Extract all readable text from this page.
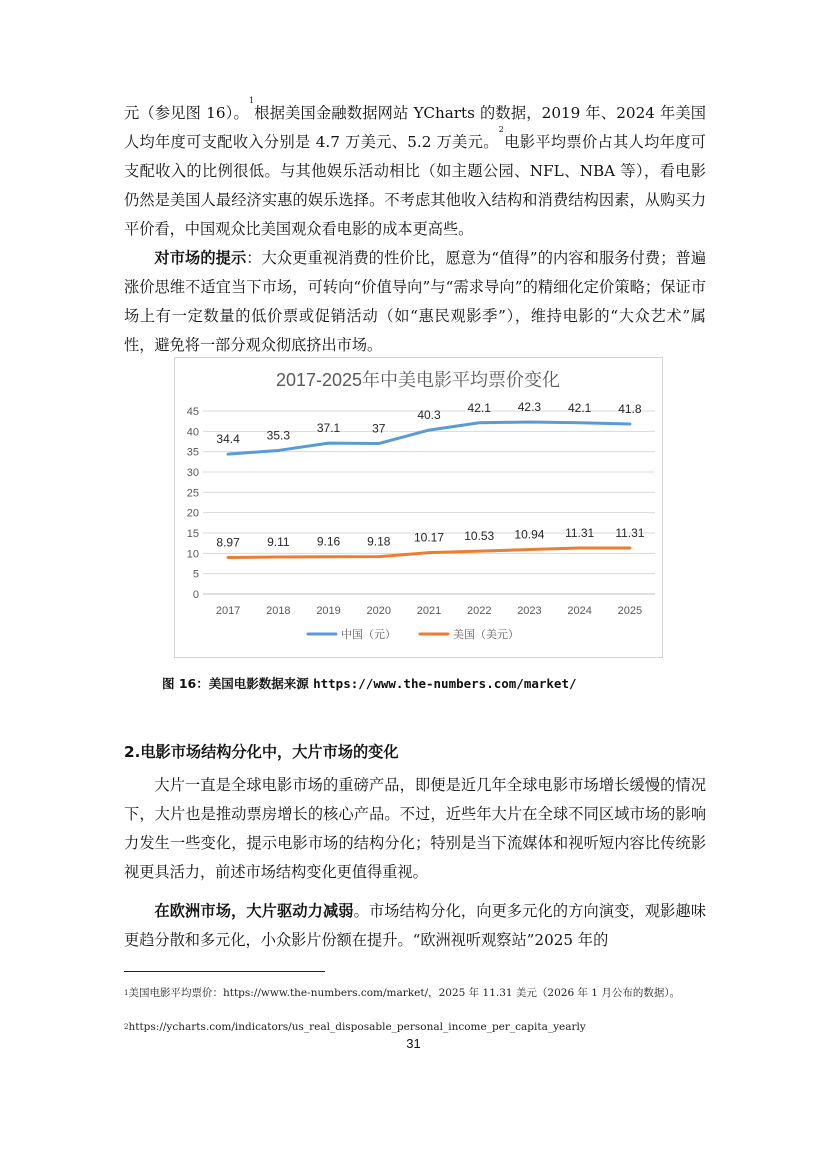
元（参见图 16）。$^1$根据美国金融数据网站 YCharts 的数据，2019 年、2024 年美国人均年度可支配收入分别是 4.7 万美元、5.2 万美元。$^2$电影平均票价占其人均年度可支配收入的比例很低。与其他娱乐活动相比（如主题公园、NFL、NBA 等），看电影仍然是美国人最经济实惠的娱乐选择。不考虑其他收入结构和消费结构因素，从购买力平价看，中国观众比美国观众看电影的成本更高些。

对市场的提示：大众更重视消费的性价比，愿意为“值得”的内容和服务付费；普遍涨价思维不适宜当下市场，可转向“价值导向”与“需求导向”的精细化定价策略；保证市场上有一定数量的低价票或促销活动（如“惠民观影季”），维持电影的“大众艺术”属性，避免将一部分观众彻底挤出市场。

2017-2025年中美电影平均票价变化
0
5
10
15
20
25
30
35
40
45
2017 2018 2019 2020 2021 2022 2023 2024 2025
34.4 35.3
37.1	37
40.3
42.1 42.3 42.1 41.8
8.97 9.11 9.16 9.18 10.17 10.53 10.94 11.31 11.31
中国（元）	美国（美元）
图 16：美国电影数据来源 https://www.the-numbers.com/market/
2.电影市场结构分化中，大片市场的变化

大片一直是全球电影市场的重磅产品，即便是近几年全球电影市场增长缓慢的情况下，大片也是推动票房增长的核心产品。不过，近些年大片在全球不同区域市场的影响力发生一些变化，提示电影市场的结构分化；特别是当下流媒体和视听短内容比传统影视更具活力，前述市场结构变化更值得重视。

在欧洲市场，大片驱动力减弱。市场结构分化，向更多元化的方向演变，观影趣味更趋分散和多元化，小众影片份额在提升。“欧洲视听观察站”2025 年的

$^1$美国电影平均票价：https://www.the-numbers.com/market/，2025 年 11.31 美元（2026 年 1 月公布的数据）。
$^2$https://ycharts.com/indicators/us_real_disposable_personal_income_per_capita_yearly
31
